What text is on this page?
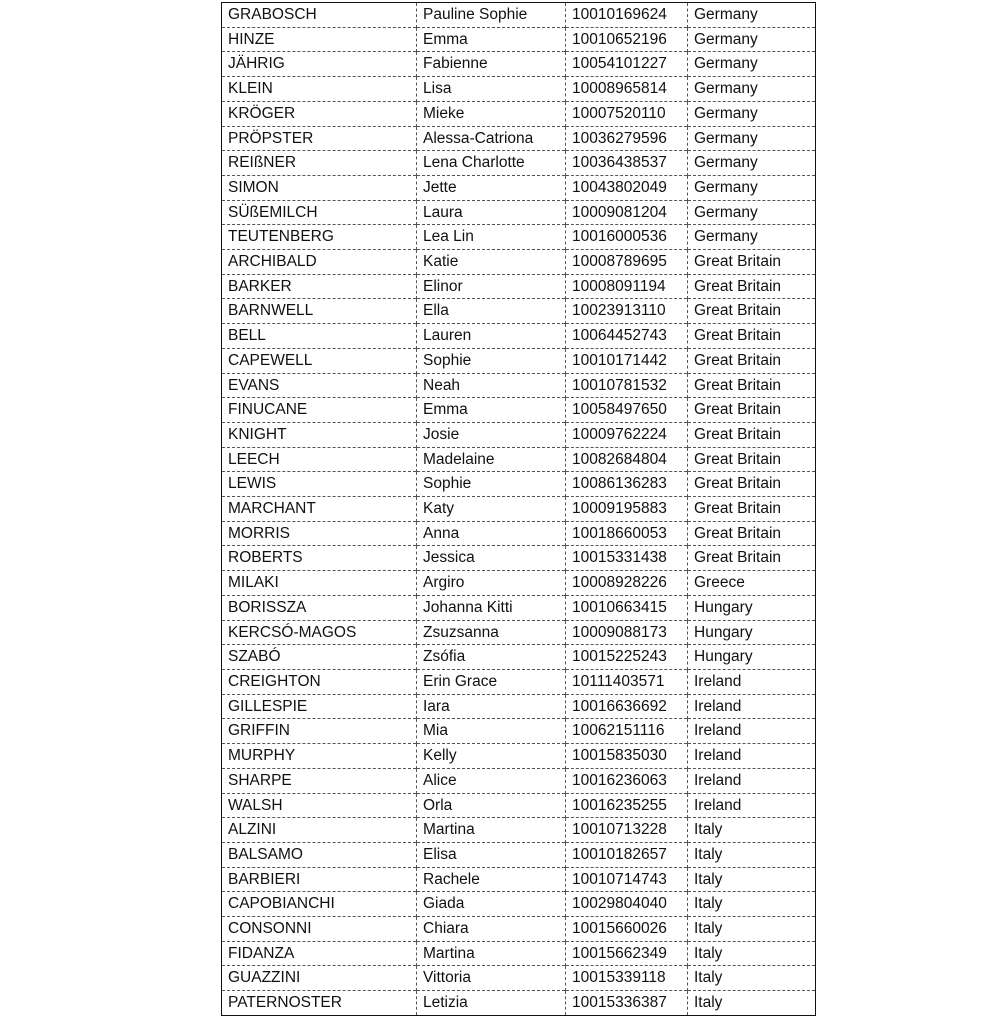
GRABOSCH	Pauline Sophie	10010169624	Germany
HINZE	Emma	10010652196	Germany
JÄHRIG	Fabienne	10054101227	Germany
KLEIN	Lisa	10008965814	Germany
KRÖGER	Mieke	10007520110	Germany
PRÖPSTER	Alessa-Catriona	10036279596	Germany
REIßNER	Lena Charlotte	10036438537	Germany
SIMON	Jette	10043802049	Germany
SÜßEMILCH	Laura	10009081204	Germany
TEUTENBERG	Lea Lin	10016000536	Germany
ARCHIBALD	Katie	10008789695	Great Britain
BARKER	Elinor	10008091194	Great Britain
BARNWELL	Ella	10023913110	Great Britain
BELL	Lauren	10064452743	Great Britain
CAPEWELL	Sophie	10010171442	Great Britain
EVANS	Neah	10010781532	Great Britain
FINUCANE	Emma	10058497650	Great Britain
KNIGHT	Josie	10009762224	Great Britain
LEECH	Madelaine	10082684804	Great Britain
LEWIS	Sophie	10086136283	Great Britain
MARCHANT	Katy	10009195883	Great Britain
MORRIS	Anna	10018660053	Great Britain
ROBERTS	Jessica	10015331438	Great Britain
MILAKI	Argiro	10008928226	Greece
BORISSZA	Johanna Kitti	10010663415	Hungary
KERCSÓ-MAGOS	Zsuzsanna	10009088173	Hungary
SZABÓ	Zsófia	10015225243	Hungary
CREIGHTON	Erin Grace	10111403571	Ireland
GILLESPIE	Iara	10016636692	Ireland
GRIFFIN	Mia	10062151116	Ireland
MURPHY	Kelly	10015835030	Ireland
SHARPE	Alice	10016236063	Ireland
WALSH	Orla	10016235255	Ireland
ALZINI	Martina	10010713228	Italy
BALSAMO	Elisa	10010182657	Italy
BARBIERI	Rachele	10010714743	Italy
CAPOBIANCHI	Giada	10029804040	Italy
CONSONNI	Chiara	10015660026	Italy
FIDANZA	Martina	10015662349	Italy
GUAZZINI	Vittoria	10015339118	Italy
PATERNOSTER	Letizia	10015336387	Italy
